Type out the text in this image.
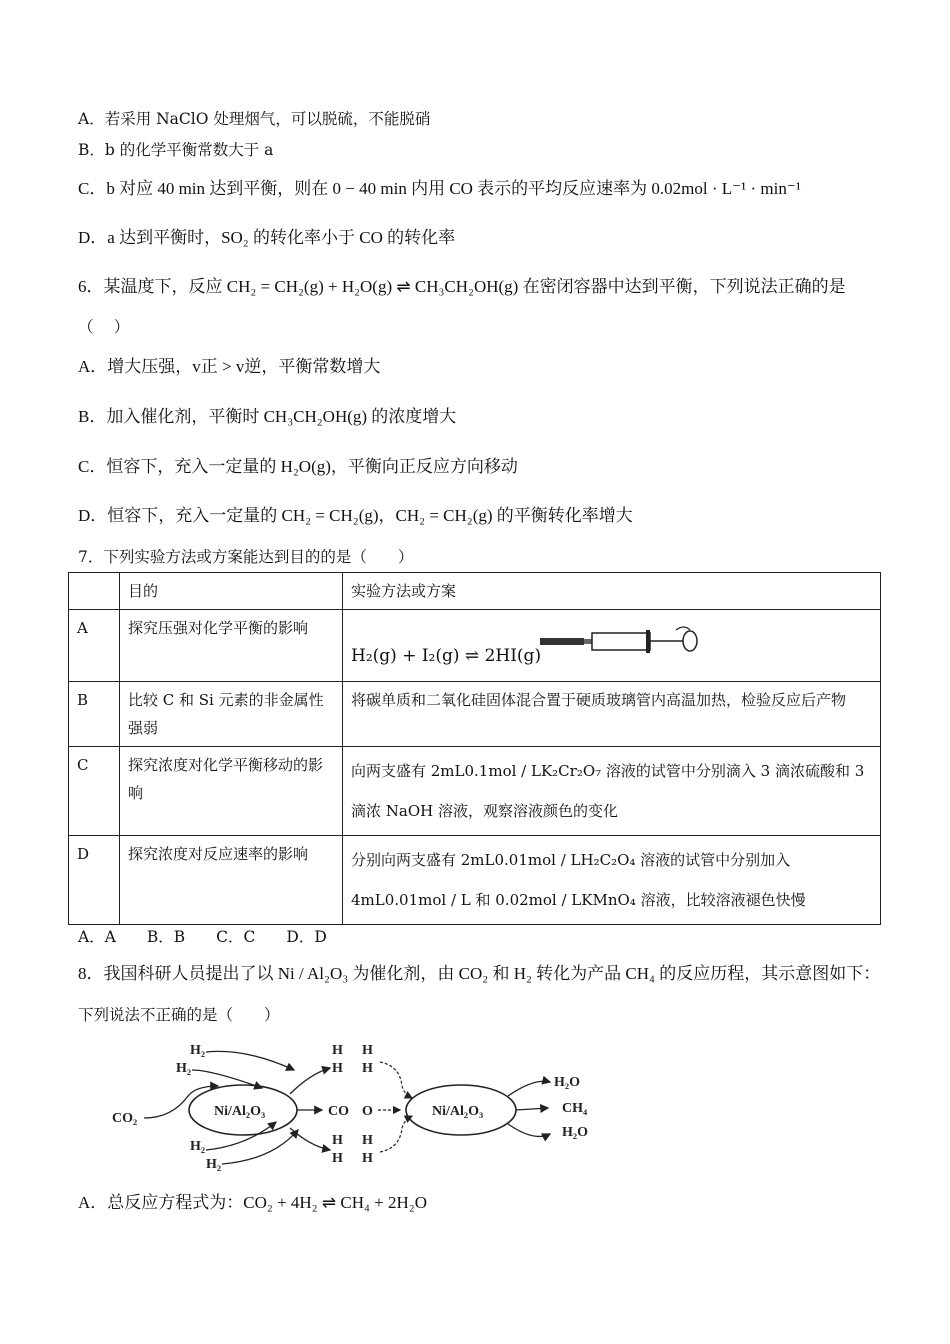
A．若采用 NaClO 处理烟气，可以脱硫，不能脱硝
B．b 的化学平衡常数大于 a
C．b 对应 40 min 达到平衡，则在 0 − 40 min 内用 CO 表示的平均反应速率为 0.02mol · L⁻¹ · min⁻¹
D．a 达到平衡时，SO₂ 的转化率小于 CO 的转化率
6．某温度下，反应 CH₂ = CH₂(g) + H₂O(g) ⇌ CH₃CH₂OH(g) 在密闭容器中达到平衡，下列说法正确的是
（　 ）
A．增大压强，v正 > v逆，平衡常数增大
B．加入催化剂，平衡时 CH₃CH₂OH(g) 的浓度增大
C．恒容下，充入一定量的 H₂O(g)，平衡向正反应方向移动
D．恒容下，充入一定量的 CH₂ = CH₂(g)，CH₂ = CH₂(g) 的平衡转化率增大
7．下列实验方法或方案能达到目的的是（　　）
	目的	实验方法或方案
A	探究压强对化学平衡的影响	H₂(g) + I₂(g) ⇌ 2HI(g)

B	比较 C 和 Si 元素的非金属性强弱	将碳单质和二氧化硅固体混合置于硬质玻璃管内高温加热，检验反应后产物
C	探究浓度对化学平衡移动的影响	向两支盛有 2mL0.1mol / LK₂Cr₂O₇ 溶液的试管中分别滴入 3 滴浓硫酸和 3 滴浓 NaOH 溶液，观察溶液颜色的变化
D	探究浓度对反应速率的影响	分别向两支盛有 2mL0.01mol / LH₂C₂O₄ 溶液的试管中分别加入 4mL0.01mol / L 和 0.02mol / LKMnO₄ 溶液，比较溶液褪色快慢
A．A　　B．B　　C．C　　D．D
8．我国科研人员提出了以 Ni / Al₂O₃ 为催化剂，由 CO₂ 和 H₂ 转化为产品 CH₄ 的反应历程，其示意图如下：
下列说法不正确的是（　　）
H₂
H₂
CO₂
H₂
H₂
Ni/Al₂O₃
H
H
H
H
CO O
H
H
H
H
Ni/Al₂O₃
H₂O
CH₄
H₂O
A．总反应方程式为：CO₂ + 4H₂ ⇌ CH₄ + 2H₂O
